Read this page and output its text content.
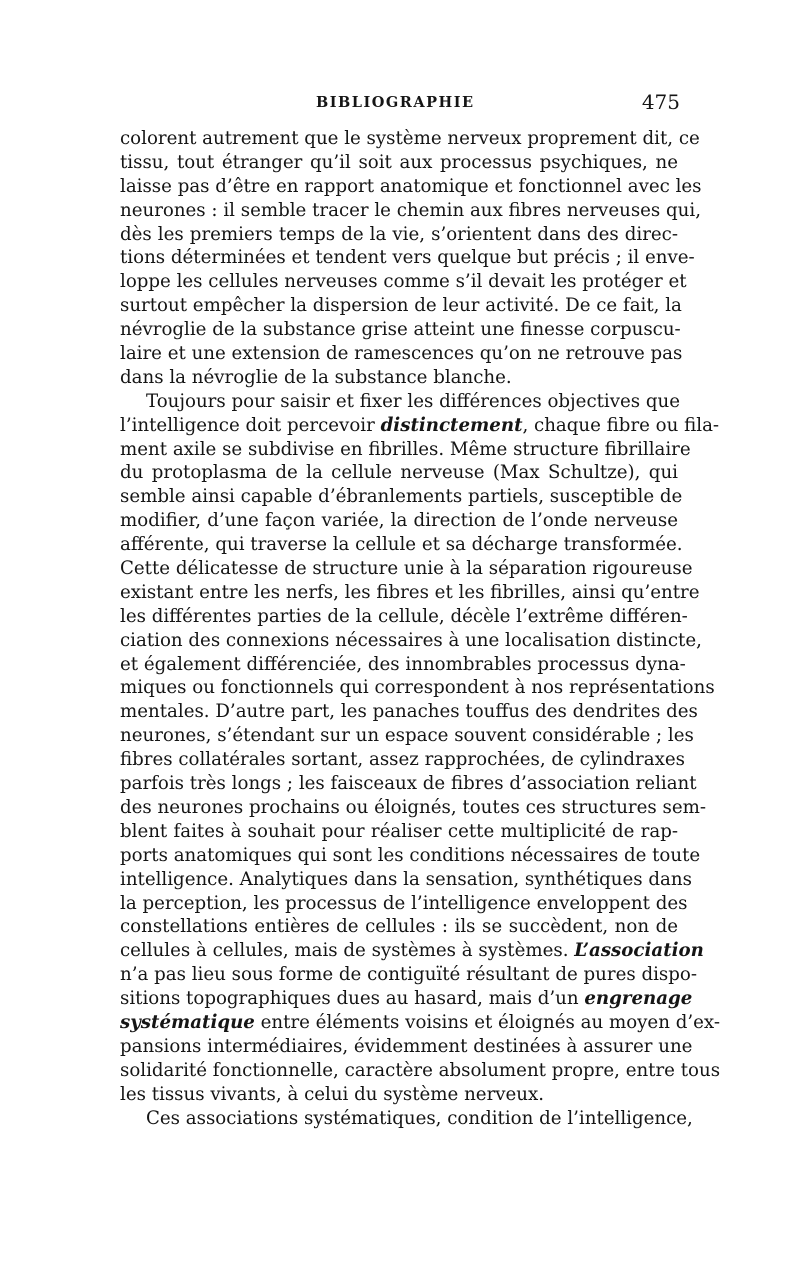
BIBLIOGRAPHIE	475
colorent autrement que le système nerveux proprement dit, ce
tissu, tout étranger qu’il soit aux processus psychiques, ne
laisse pas d’être en rapport anatomique et fonctionnel avec les
neurones : il semble tracer le chemin aux fibres nerveuses qui,
dès les premiers temps de la vie, s’orientent dans des direc-
tions déterminées et tendent vers quelque but précis ; il enve-
loppe les cellules nerveuses comme s’il devait les protéger et
surtout empêcher la dispersion de leur activité. De ce fait, la
névroglie de la substance grise atteint une finesse corpuscu-
laire et une extension de ramescences qu’on ne retrouve pas
dans la névroglie de la substance blanche.
Toujours pour saisir et fixer les différences objectives que
l’intelligence doit percevoir distinctement, chaque fibre ou fila-
ment axile se subdivise en fibrilles. Même structure fibrillaire
du protoplasma de la cellule nerveuse (Max Schultze), qui
semble ainsi capable d’ébranlements partiels, susceptible de
modifier, d’une façon variée, la direction de l’onde nerveuse
afférente, qui traverse la cellule et sa décharge transformée.
Cette délicatesse de structure unie à la séparation rigoureuse
existant entre les nerfs, les fibres et les fibrilles, ainsi qu’entre
les différentes parties de la cellule, décèle l’extrême différen-
ciation des connexions nécessaires à une localisation distincte,
et également différenciée, des innombrables processus dyna-
miques ou fonctionnels qui correspondent à nos représentations
mentales. D’autre part, les panaches touffus des dendrites des
neurones, s’étendant sur un espace souvent considérable ; les
fibres collatérales sortant, assez rapprochées, de cylindraxes
parfois très longs ; les faisceaux de fibres d’association reliant
des neurones prochains ou éloignés, toutes ces structures sem-
blent faites à souhait pour réaliser cette multiplicité de rap-
ports anatomiques qui sont les conditions nécessaires de toute
intelligence. Analytiques dans la sensation, synthétiques dans
la perception, les processus de l’intelligence enveloppent des
constellations entières de cellules : ils se succèdent, non de
cellules à cellules, mais de systèmes à systèmes. L’association
n’a pas lieu sous forme de contiguïté résultant de pures dispo-
sitions topographiques dues au hasard, mais d’un engrenage
systématique entre éléments voisins et éloignés au moyen d’ex-
pansions intermédiaires, évidemment destinées à assurer une
solidarité fonctionnelle, caractère absolument propre, entre tous
les tissus vivants, à celui du système nerveux.
Ces associations systématiques, condition de l’intelligence,
